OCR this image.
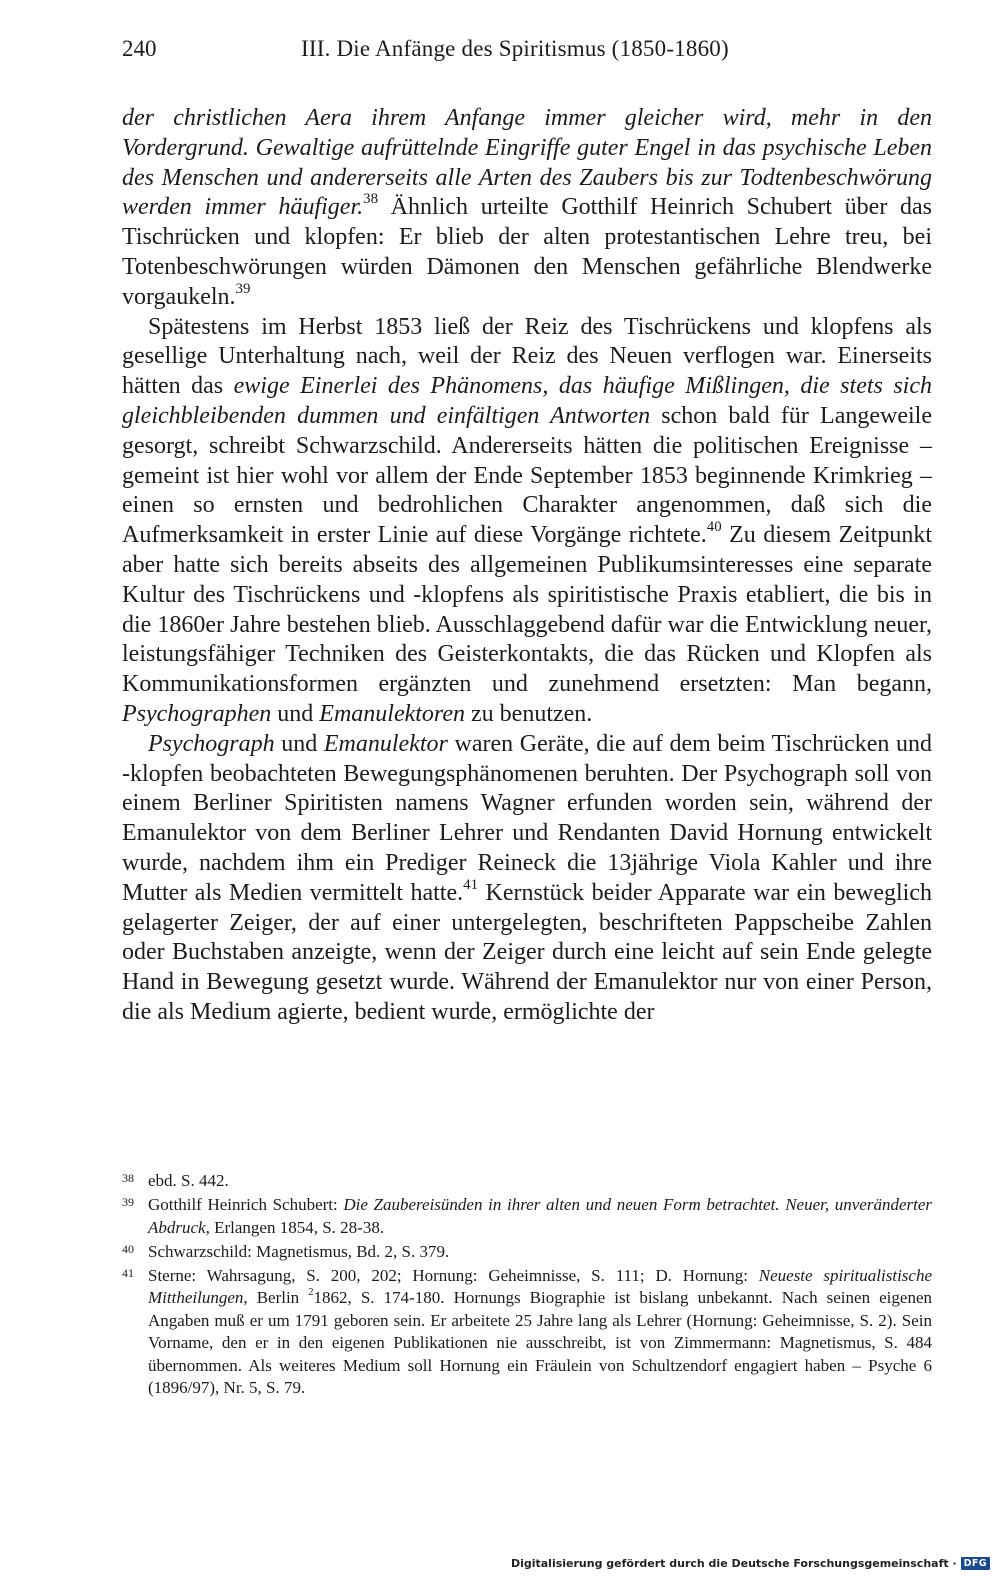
240	III. Die Anfänge des Spiritismus (1850-1860)

der christlichen Aera ihrem Anfange immer gleicher wird, mehr in den Vordergrund. Gewaltige aufrüttelnde Eingriffe guter Engel in das psychische Leben des Menschen und andererseits alle Arten des Zaubers bis zur Todtenbeschwörung werden immer häufiger.$^{38}$ Ähnlich urteilte Gotthilf Heinrich Schubert über das Tischrücken und klopfen: Er blieb der alten protestantischen Lehre treu, bei Totenbeschwörungen würden Dämonen den Menschen gefährliche Blendwerke vorgaukeln.$^{39}$

Spätestens im Herbst 1853 ließ der Reiz des Tischrückens und klopfens als gesellige Unterhaltung nach, weil der Reiz des Neuen verflogen war. Einerseits hätten das ewige Einerlei des Phänomens, das häufige Mißlingen, die stets sich gleichbleibenden dummen und einfältigen Antworten schon bald für Langeweile gesorgt, schreibt Schwarzschild. Andererseits hätten die politischen Ereignisse – gemeint ist hier wohl vor allem der Ende September 1853 beginnende Krimkrieg – einen so ernsten und bedrohlichen Charakter angenommen, daß sich die Aufmerksamkeit in erster Linie auf diese Vorgänge richtete.$^{40}$ Zu diesem Zeitpunkt aber hatte sich bereits abseits des allgemeinen Publikumsinteresses eine separate Kultur des Tischrückens und -klopfens als spiritistische Praxis etabliert, die bis in die 1860er Jahre bestehen blieb. Ausschlaggebend dafür war die Entwicklung neuer, leistungsfähiger Techniken des Geisterkontakts, die das Rücken und Klopfen als Kommunikationsformen ergänzten und zunehmend ersetzten: Man begann, Psychographen und Emanulektoren zu benutzen.

Psychograph und Emanulektor waren Geräte, die auf dem beim Tischrücken und -klopfen beobachteten Bewegungsphänomenen beruhten. Der Psychograph soll von einem Berliner Spiritisten namens Wagner erfunden worden sein, während der Emanulektor von dem Berliner Lehrer und Rendanten David Hornung entwickelt wurde, nachdem ihm ein Prediger Reineck die 13jährige Viola Kahler und ihre Mutter als Medien vermittelt hatte.$^{41}$ Kernstück beider Apparate war ein beweglich gelagerter Zeiger, der auf einer untergelegten, beschrifteten Pappscheibe Zahlen oder Buchstaben anzeigte, wenn der Zeiger durch eine leicht auf sein Ende gelegte Hand in Bewegung gesetzt wurde. Während der Emanulektor nur von einer Person, die als Medium agierte, bedient wurde, ermöglichte der

38 ebd. S. 442.
39 Gotthilf Heinrich Schubert: Die Zaubereisünden in ihrer alten und neuen Form betrachtet. Neuer, unveränderter Abdruck, Erlangen 1854, S. 28-38.
40 Schwarzschild: Magnetismus, Bd. 2, S. 379.
41 Sterne: Wahrsagung, S. 200, 202; Hornung: Geheimnisse, S. 111; D. Hornung: Neueste spiritualistische Mittheilungen, Berlin $^2$1862, S. 174-180. Hornungs Biographie ist bislang unbekannt. Nach seinen eigenen Angaben muß er um 1791 geboren sein. Er arbeitete 25 Jahre lang als Lehrer (Hornung: Geheimnisse, S. 2). Sein Vorname, den er in den eigenen Publikationen nie ausschreibt, ist von Zimmermann: Magnetismus, S. 484 übernommen. Als weiteres Medium soll Hornung ein Fräulein von Schultzendorf engagiert haben – Psyche 6 (1896/97), Nr. 5, S. 79.
Digitalisierung gefördert durch die Deutsche Forschungsgemeinschaft · DFG
